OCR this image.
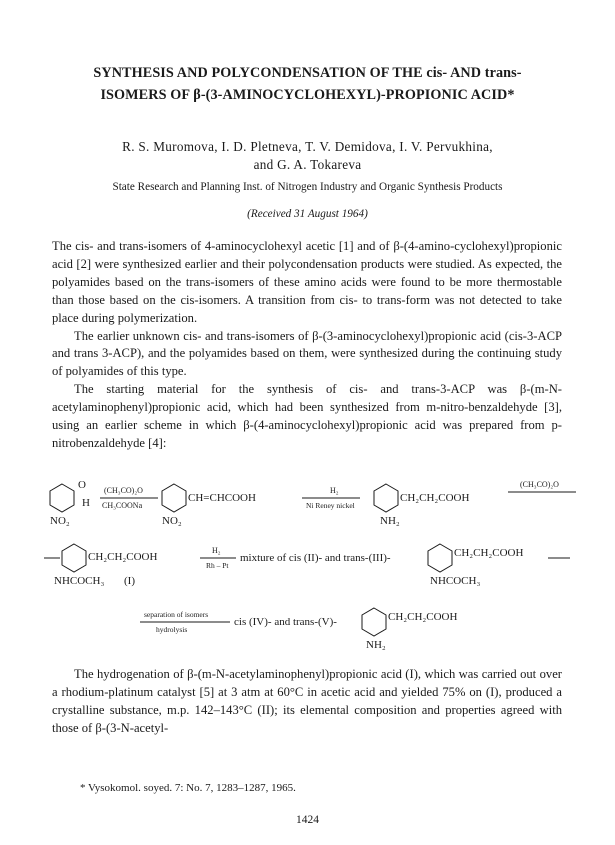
SYNTHESIS AND POLYCONDENSATION OF THE cis- AND trans-
ISOMERS OF β-(3-AMINOCYCLOHEXYL)-PROPIONIC ACID*
R. S. Muromova, I. D. Pletneva, T. V. Demidova, I. V. Pervukhina,
and G. A. Tokareva
State Research and Planning Inst. of Nitrogen Industry and Organic Synthesis Products
(Received 31 August 1964)

The cis- and trans-isomers of 4-aminocyclohexyl acetic [1] and of β-(4-amino-cyclohexyl)propionic acid [2] were synthesized earlier and their polycondensation products were studied. As expected, the polyamides based on the trans-isomers of these amino acids were found to be more thermostable than those based on the cis-isomers. A transition from cis- to trans-form was not detected to take place during polymerization.

The earlier unknown cis- and trans-isomers of β-(3-aminocyclohexyl)propionic acid (cis-3-ACP and trans 3-ACP), and the polyamides based on them, were synthesized during the continuing study of polyamides of this type.

The starting material for the synthesis of cis- and trans-3-ACP was β-(m-N-acetylaminophenyl)propionic acid, which had been synthesized from m-nitro-benzaldehyde [3], using an earlier scheme in which β-(4-aminocyclohexyl)propionic acid was prepared from p-nitrobenzaldehyde [4]:

O
H
NO₂
(CH₃CO)₂O
CH₃COONa
CH=CHCOOH
NO₂
H₂
Ni Reney nickel
CH₂CH₂COOH
NH₂
(CH₃CO)₂O
CH₂CH₂COOH
NHCOCH₃ (I)
H₂
Rh – Pt
mixture of cis (II)- and trans-(III)-	CH₂CH₂COOH
NHCOCH₃
separation of isomers
hydrolysis
cis (IV)- and trans-(V)-	CH₂CH₂COOH
NH₂

The hydrogenation of β-(m-N-acetylaminophenyl)propionic acid (I), which was carried out over a rhodium-platinum catalyst [5] at 3 atm at 60°C in acetic acid and yielded 75% on (I), produced a crystalline substance, m.p. 142–143°C (II); its elemental composition and properties agreed with those of β-(3-N-acetyl-

* Vysokomol. soyed. 7: No. 7, 1283–1287, 1965.
1424
